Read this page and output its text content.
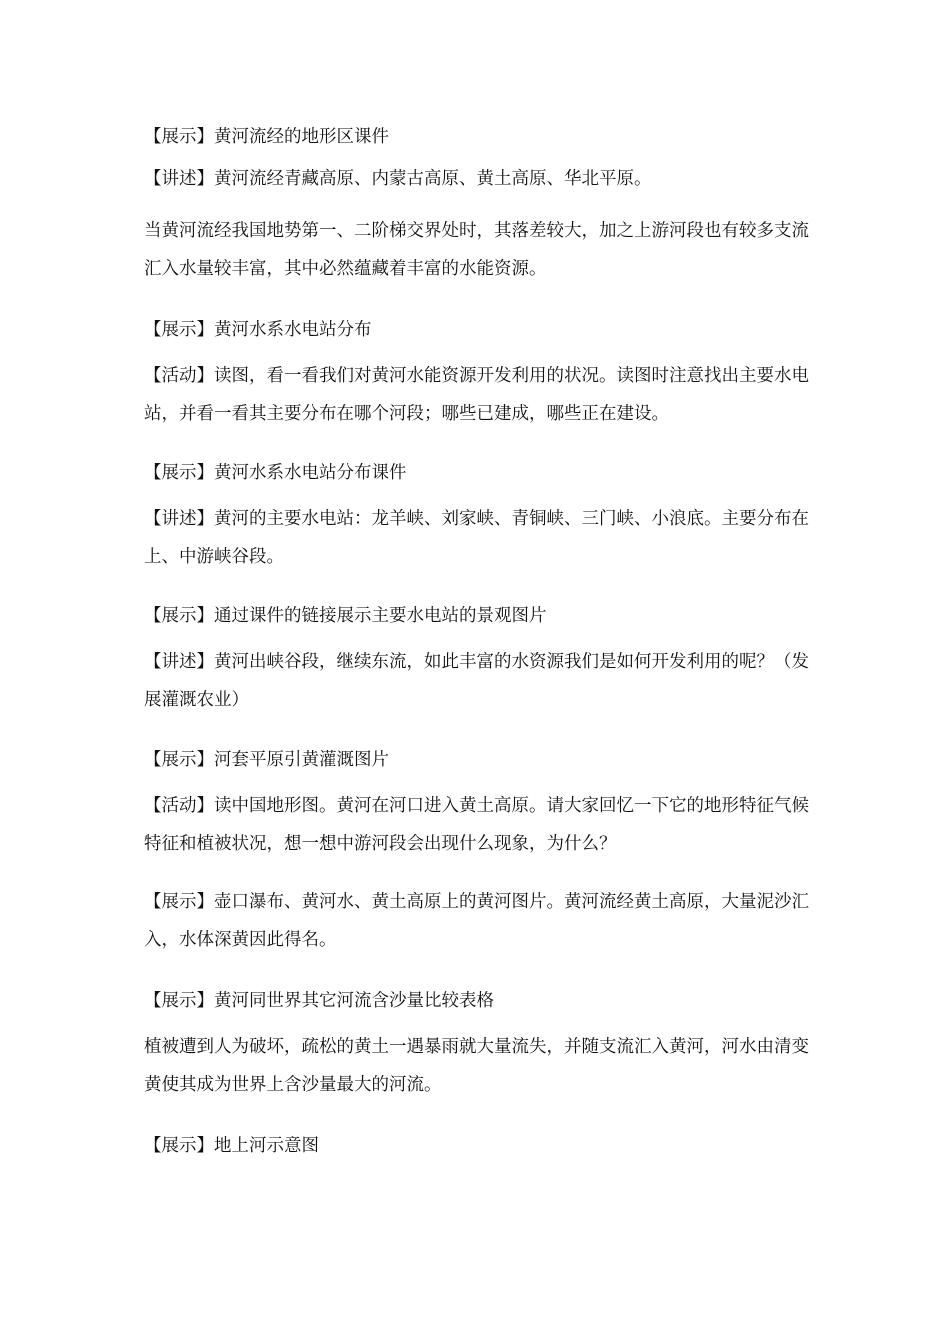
【展示】黄河流经的地形区课件

【讲述】黄河流经青藏高原、内蒙古高原、黄土高原、华北平原。

当黄河流经我国地势第一、二阶梯交界处时，其落差较大，加之上游河段也有较多支流汇入水量较丰富，其中必然蕴藏着丰富的水能资源。

【展示】黄河水系水电站分布

【活动】读图，看一看我们对黄河水能资源开发利用的状况。读图时注意找出主要水电站，并看一看其主要分布在哪个河段；哪些已建成，哪些正在建设。

【展示】黄河水系水电站分布课件

【讲述】黄河的主要水电站：龙羊峡、刘家峡、青铜峡、三门峡、小浪底。主要分布在上、中游峡谷段。

【展示】通过课件的链接展示主要水电站的景观图片

【讲述】黄河出峡谷段，继续东流，如此丰富的水资源我们是如何开发利用的呢？（发展灌溉农业）

【展示】河套平原引黄灌溉图片

【活动】读中国地形图。黄河在河口进入黄土高原。请大家回忆一下它的地形特征气候特征和植被状况，想一想中游河段会出现什么现象，为什么？

【展示】壶口瀑布、黄河水、黄土高原上的黄河图片。黄河流经黄土高原，大量泥沙汇入，水体深黄因此得名。

【展示】黄河同世界其它河流含沙量比较表格

植被遭到人为破坏，疏松的黄土一遇暴雨就大量流失，并随支流汇入黄河，河水由清变黄使其成为世界上含沙量最大的河流。

【展示】地上河示意图
